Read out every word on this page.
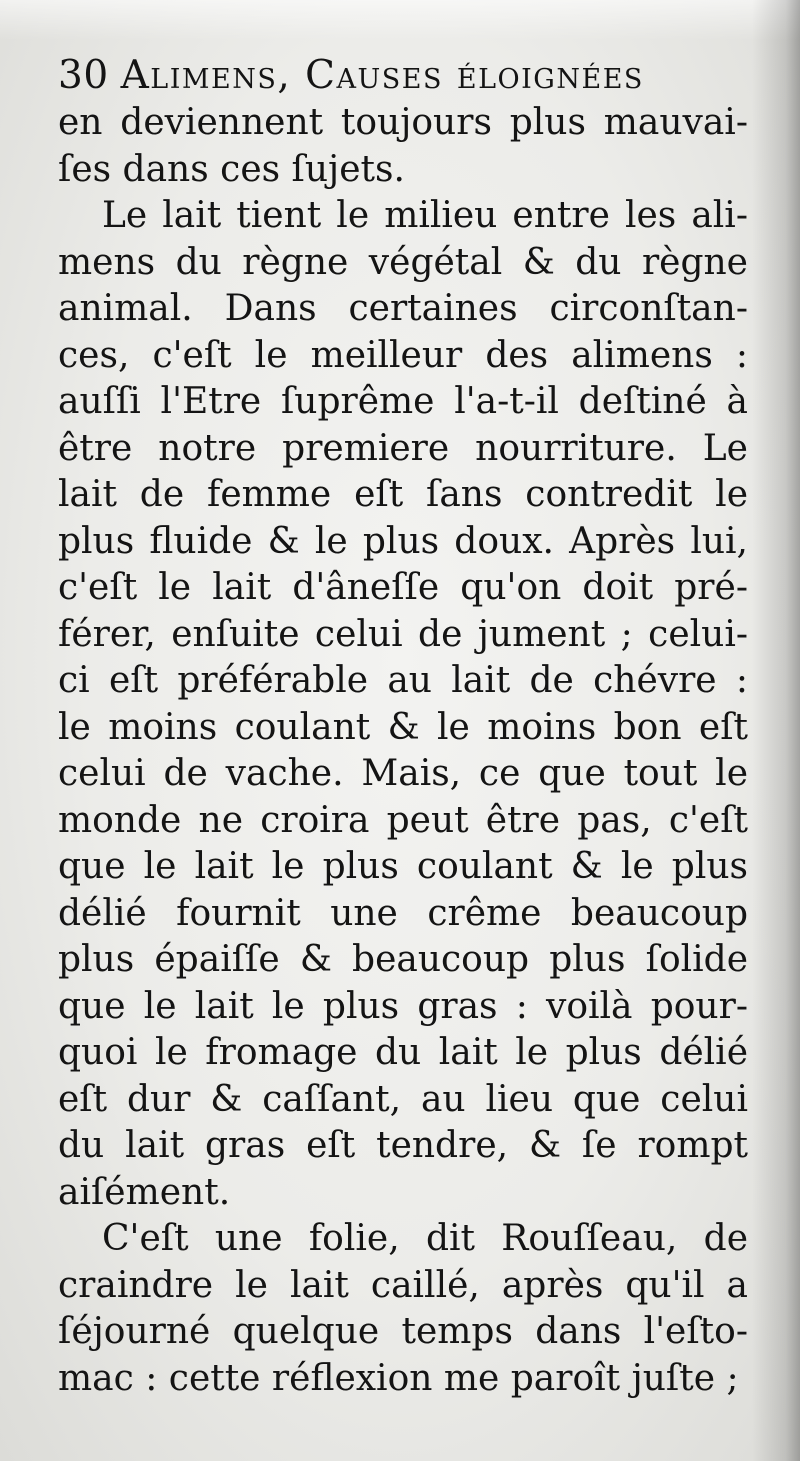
30 Alimens, Causes éloignées
en deviennent toujours plus mauvai-
ſes dans ces ſujets.
Le lait tient le milieu entre les ali-
mens du règne végétal & du règne
animal. Dans certaines circonſtan-
ces, c'eſt le meilleur des alimens :
auſſi l'Etre ſuprême l'a-t-il deſtiné à
être notre premiere nourriture. Le
lait de femme eſt ſans contredit le
plus fluide & le plus doux. Après lui,
c'eſt le lait d'âneſſe qu'on doit pré-
férer, enſuite celui de jument ; celui-
ci eſt préférable au lait de chévre :
le moins coulant & le moins bon eſt
celui de vache. Mais, ce que tout le
monde ne croira peut être pas, c'eſt
que le lait le plus coulant & le plus
délié fournit une crême beaucoup
plus épaiſſe & beaucoup plus ſolide
que le lait le plus gras : voilà pour-
quoi le fromage du lait le plus délié
eſt dur & caſſant, au lieu que celui
du lait gras eſt tendre, & ſe rompt
aiſément.
C'eſt une folie, dit Rouſſeau, de
craindre le lait caillé, après qu'il a
ſéjourné quelque temps dans l'eſto-
mac : cette réflexion me paroît juſte ;
